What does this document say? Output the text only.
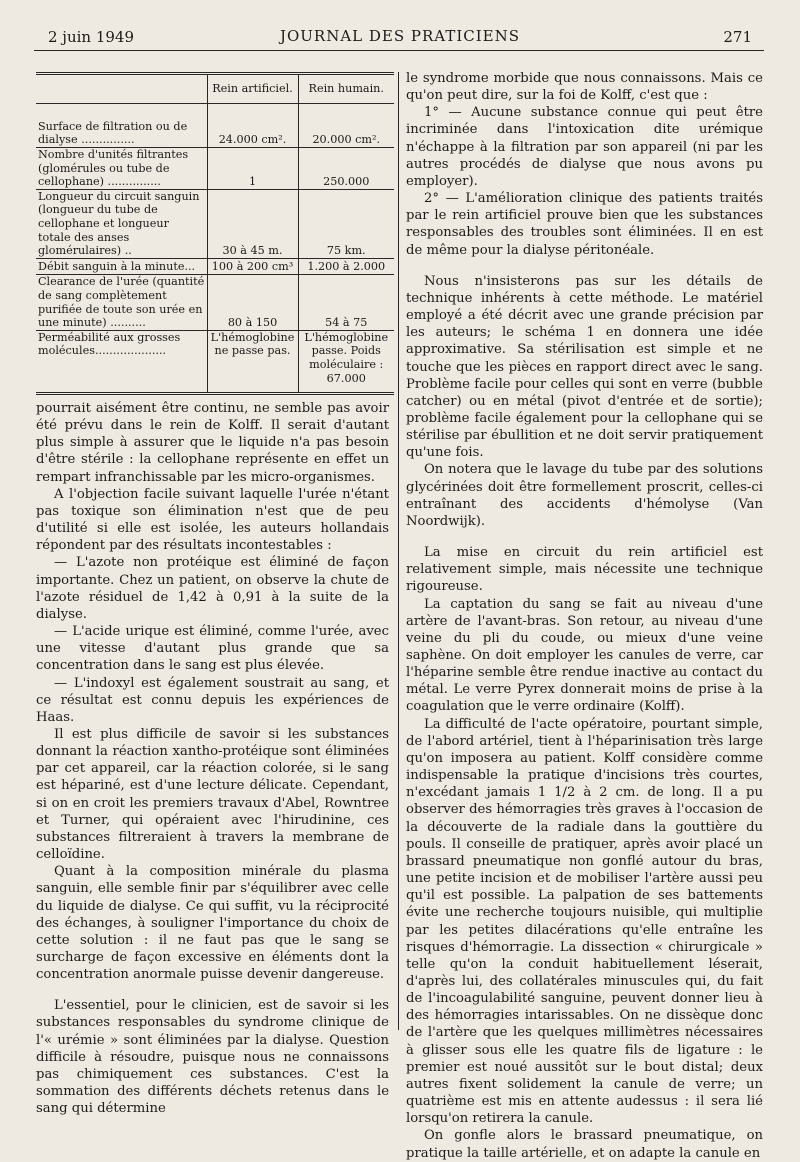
2 juin 1949	JOURNAL DES PRATICIENS	271
	Rein artificiel.	Rein humain.
Surface de filtration ou de dialyse ...............	24.000 cm².	20.000 cm².
Nombre d'unités filtrantes (glomérules ou tube de cellophane) ...............	1	250.000
Longueur du circuit sanguin (longueur du tube de cellophane et longueur totale des anses glomérulaires) ..	30 à 45 m.	75 km.
Débit sanguin à la minute...	100 à 200 cm³	1.200 à 2.000
Clearance de l'urée (quantité de sang complètement purifiée de toute son urée en une minute) ..........	80 à 150	54 à 75
Perméabilité aux grosses molécules....................	L'hémoglobine ne passe pas.	L'hémoglobine passe. Poids moléculaire : 67.000

pourrait aisément être continu, ne semble pas avoir été prévu dans le rein de Kolff. Il serait d'autant plus simple à assurer que le liquide n'a pas besoin d'être stérile : la cellophane représente en effet un rempart infranchissable par les micro-organismes.

A l'objection facile suivant laquelle l'urée n'étant pas toxique son élimination n'est que de peu d'utilité si elle est isolée, les auteurs hollandais répondent par des résultats incontestables :

— L'azote non protéique est éliminé de façon importante. Chez un patient, on observe la chute de l'azote résiduel de 1,42 à 0,91 à la suite de la dialyse.

— L'acide urique est éliminé, comme l'urée, avec une vitesse d'autant plus grande que sa concentration dans le sang est plus élevée.

— L'indoxyl est également soustrait au sang, et ce résultat est connu depuis les expériences de Haas.

Il est plus difficile de savoir si les substances donnant la réaction xantho-protéique sont éliminées par cet appareil, car la réaction colorée, si le sang est hépariné, est d'une lecture délicate. Cependant, si on en croit les premiers travaux d'Abel, Rowntree et Turner, qui opéraient avec l'hirudinine, ces substances filtreraient à travers la membrane de celloïdine.

Quant à la composition minérale du plasma sanguin, elle semble finir par s'équilibrer avec celle du liquide de dialyse. Ce qui suffit, vu la réciprocité des échanges, à souligner l'importance du choix de cette solution : il ne faut pas que le sang se surcharge de façon excessive en éléments dont la concentration anormale puisse devenir dangereuse.

L'essentiel, pour le clinicien, est de savoir si les substances responsables du syndrome clinique de l'« urémie » sont éliminées par la dialyse. Question difficile à résoudre, puisque nous ne connaissons pas chimiquement ces substances. C'est la sommation des différents déchets retenus dans le sang qui détermine

le syndrome morbide que nous connaissons. Mais ce qu'on peut dire, sur la foi de Kolff, c'est que :

1° — Aucune substance connue qui peut être incriminée dans l'intoxication dite urémique n'échappe à la filtration par son appareil (ni par les autres procédés de dialyse que nous avons pu employer).

2° — L'amélioration clinique des patients traités par le rein artificiel prouve bien que les substances responsables des troubles sont éliminées. Il en est de même pour la dialyse péritonéale.

Nous n'insisterons pas sur les détails de technique inhérents à cette méthode. Le matériel employé a été décrit avec une grande précision par les auteurs; le schéma 1 en donnera une idée approximative. Sa stérilisation est simple et ne touche que les pièces en rapport direct avec le sang. Problème facile pour celles qui sont en verre (bubble catcher) ou en métal (pivot d'entrée et de sortie); problème facile également pour la cellophane qui se stérilise par ébullition et ne doit servir pratiquement qu'une fois.

On notera que le lavage du tube par des solutions glycérinées doit être formellement proscrit, celles-ci entraînant des accidents d'hémolyse (Van Noordwijk).

La mise en circuit du rein artificiel est relativement simple, mais nécessite une technique rigoureuse.

La captation du sang se fait au niveau d'une artère de l'avant-bras. Son retour, au niveau d'une veine du pli du coude, ou mieux d'une veine saphène. On doit employer les canules de verre, car l'héparine semble être rendue inactive au contact du métal. Le verre Pyrex donnerait moins de prise à la coagulation que le verre ordinaire (Kolff).

La difficulté de l'acte opératoire, pourtant simple, de l'abord artériel, tient à l'héparinisation très large qu'on imposera au patient. Kolff considère comme indispensable la pratique d'incisions très courtes, n'excédant jamais 1 1/2 à 2 cm. de long. Il a pu observer des hémorragies très graves à l'occasion de la découverte de la radiale dans la gouttière du pouls. Il conseille de pratiquer, après avoir placé un brassard pneumatique non gonflé autour du bras, une petite incision et de mobiliser l'artère aussi peu qu'il est possible. La palpation de ses battements évite une recherche toujours nuisible, qui multiplie par les petites dilacérations qu'elle entraîne les risques d'hémorragie. La dissection « chirurgicale » telle qu'on la conduit habituellement léserait, d'après lui, des collatérales minuscules qui, du fait de l'incoagulabilité sanguine, peuvent donner lieu à des hémorragies intarissables. On ne dissèque donc de l'artère que les quelques millimètres nécessaires à glisser sous elle les quatre fils de ligature : le premier est noué aussitôt sur le bout distal; deux autres fixent solidement la canule de verre; un quatrième est mis en attente audessus : il sera lié lorsqu'on retirera la canule.

On gonfle alors le brassard pneumatique, on pratique la taille artérielle, et on adapte la canule en
